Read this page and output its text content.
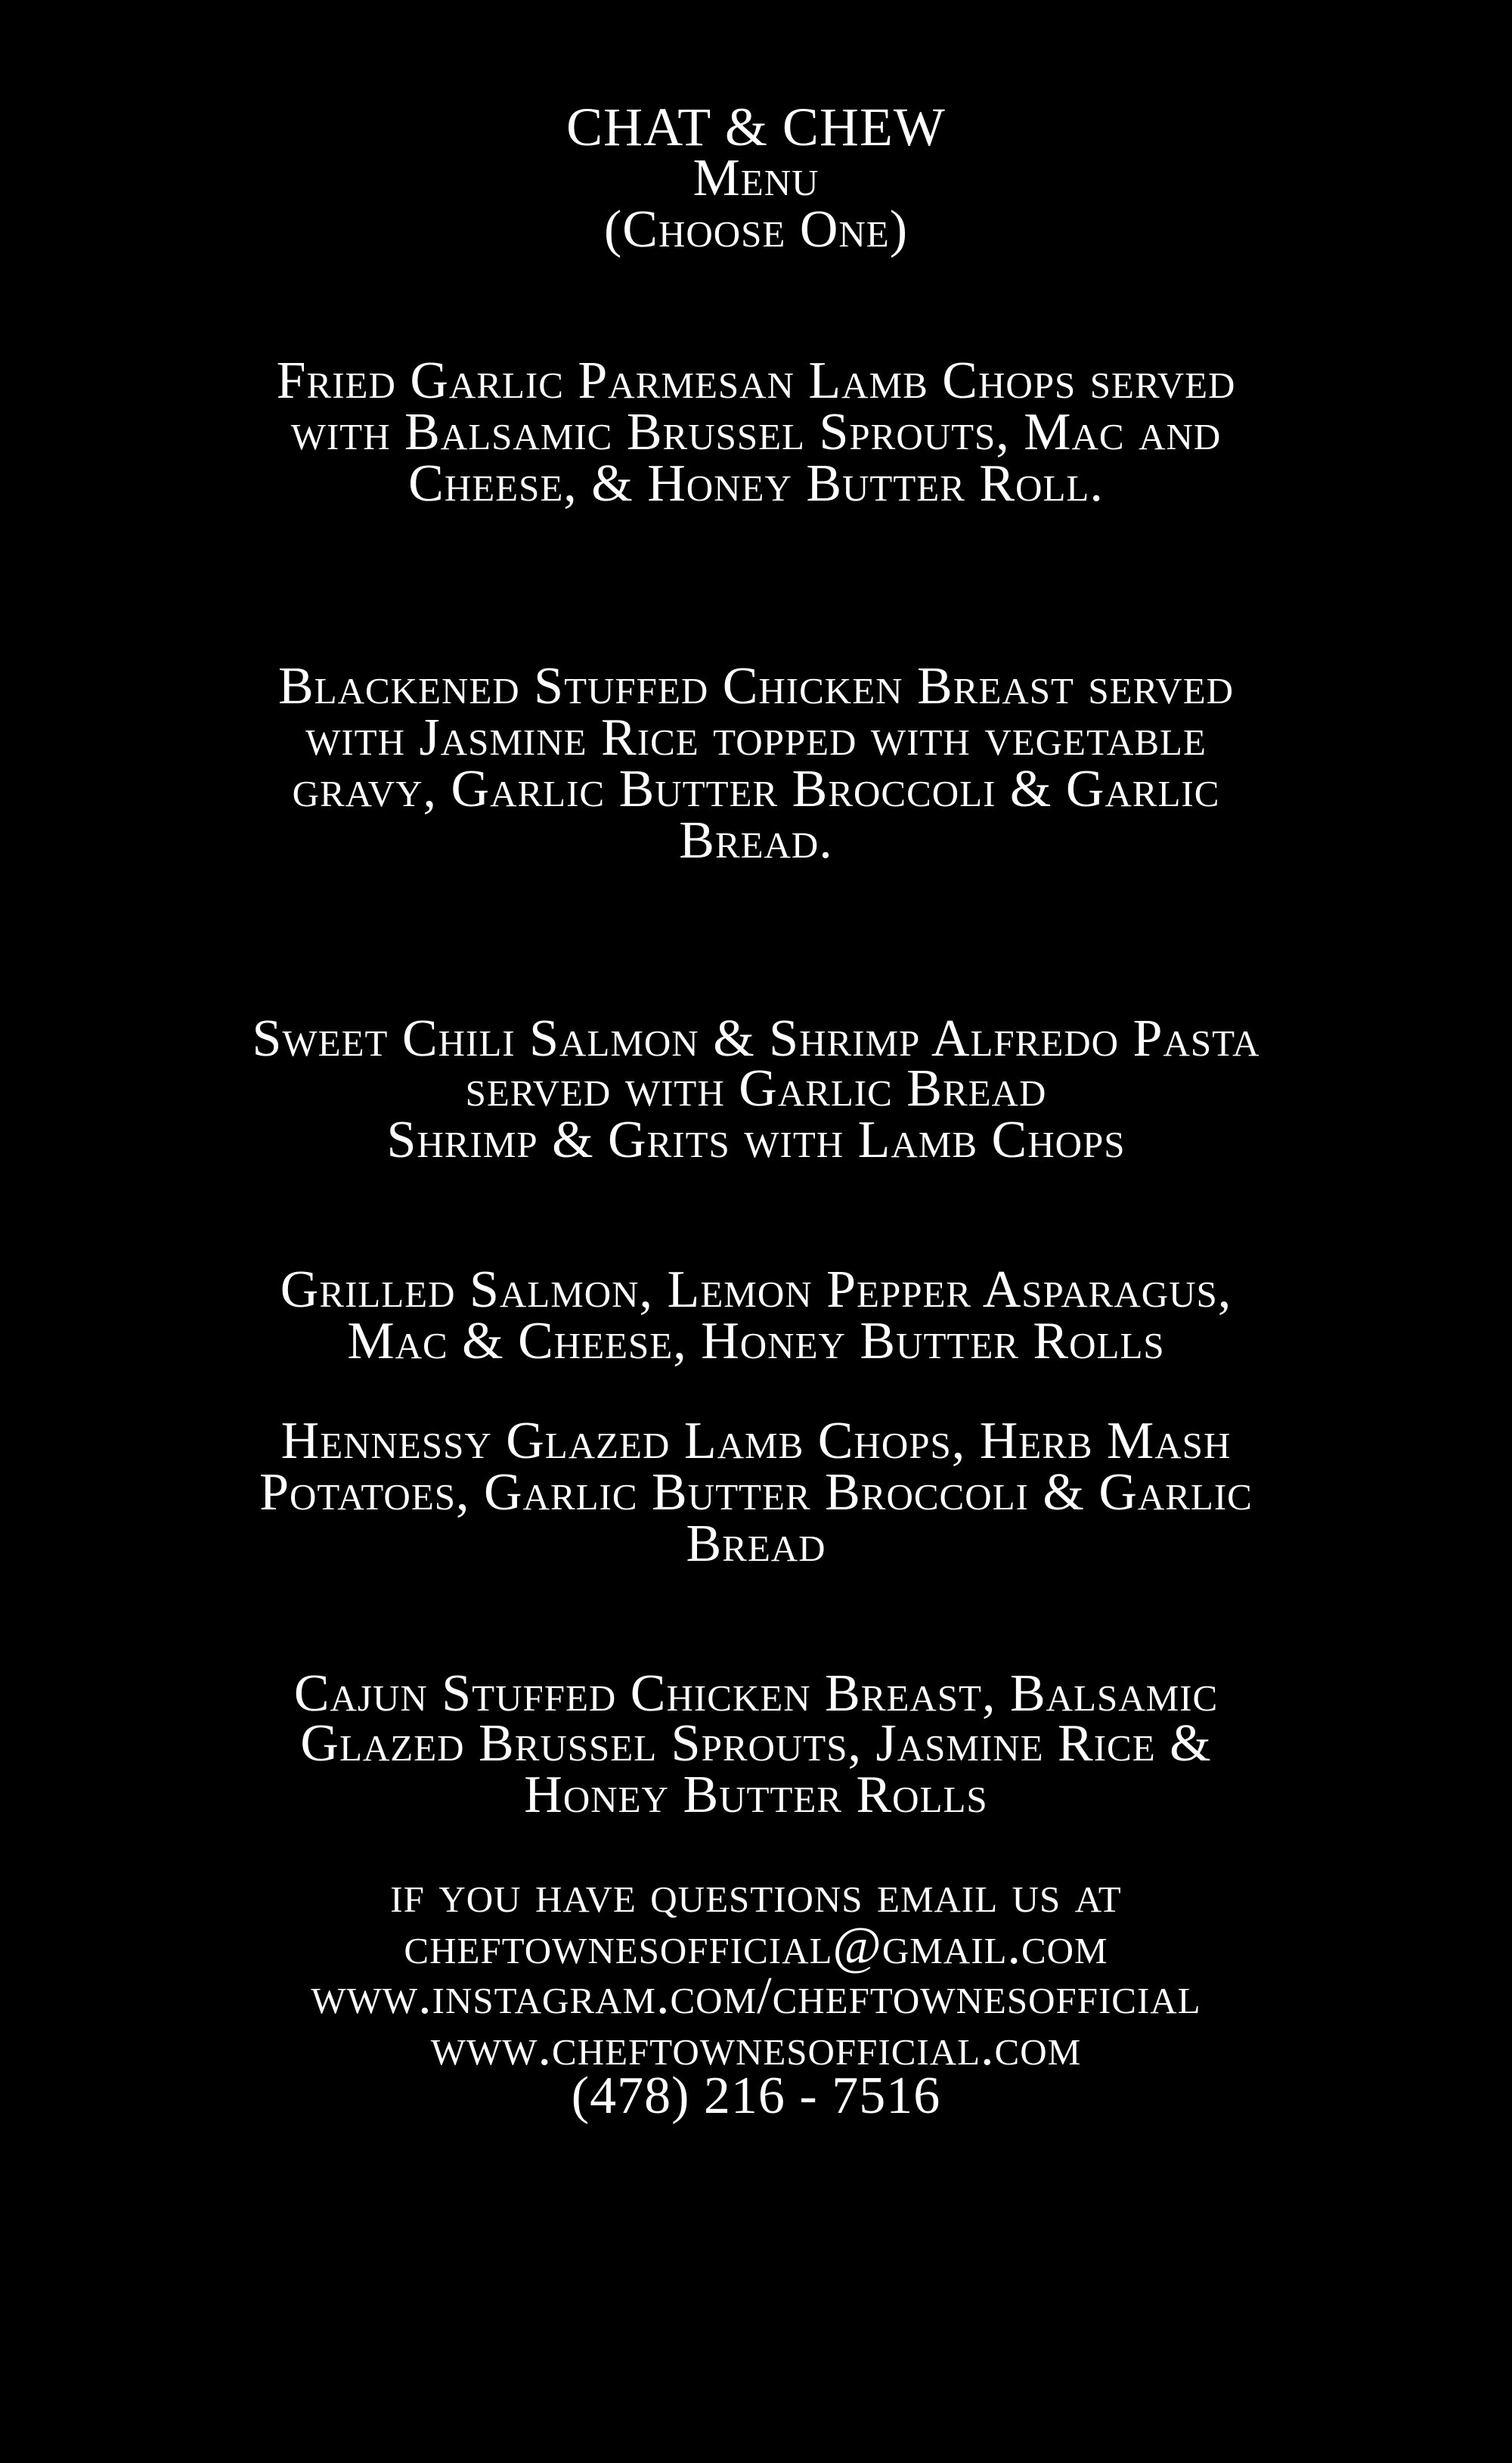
CHAT & CHEW
Menu
(Choose One)
Fried Garlic Parmesan Lamb Chops served
with Balsamic Brussel Sprouts, Mac and
Cheese, & Honey Butter Roll.
Blackened Stuffed Chicken Breast served
with Jasmine Rice topped with vegetable
gravy, Garlic Butter Broccoli & Garlic
Bread.
Sweet Chili Salmon & Shrimp Alfredo Pasta
served with Garlic Bread
Shrimp & Grits with Lamb Chops
Grilled Salmon, Lemon Pepper Asparagus,
Mac & Cheese, Honey Butter Rolls
Hennessy Glazed Lamb Chops, Herb Mash
Potatoes, Garlic Butter Broccoli & Garlic
Bread
Cajun Stuffed Chicken Breast, Balsamic
Glazed Brussel Sprouts, Jasmine Rice &
Honey Butter Rolls
if you have questions email us at
cheftownesofficial@gmail.com
www.instagram.com/cheftownesofficial
www.cheftownesofficial.com
(478) 216 - 7516
